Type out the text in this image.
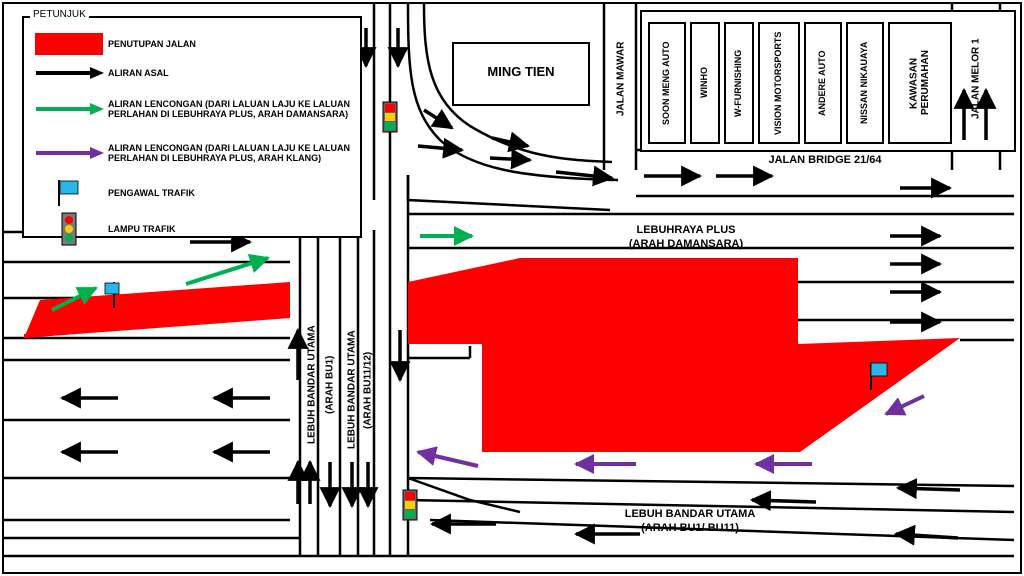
MING TIEN	SOON MENG AUTO	WINHO	W-FURNISHING	VISION MOTORSPORTS	ANDERE AUTO	NISSAN NIKAUAYA	KAWASAN PERUMAHAN
JALAN MAWAR	JALAN MELOR 1
JALAN BRIDGE 21/64
LEBUHRAYA PLUS
(ARAH DAMANSARA)
LEBUH BANDAR UTAMA (ARAH BU1) LEBUH BANDAR UTAMA (ARAH BU11/12)
LEBUH BANDAR UTAMA
(ARAH BU1/ BU11)
PETUNJUK
PENUTUPAN JALAN
ALIRAN ASAL
ALIRAN LENCONGAN (DARI LALUAN LAJU KE LALUAN PERLAHAN DI LEBUHRAYA PLUS, ARAH DAMANSARA)
ALIRAN LENCONGAN (DARI LALUAN LAJU KE LALUAN PERLAHAN DI LEBUHRAYA PLUS, ARAH KLANG)
PENGAWAL TRAFIK
LAMPU TRAFIK
